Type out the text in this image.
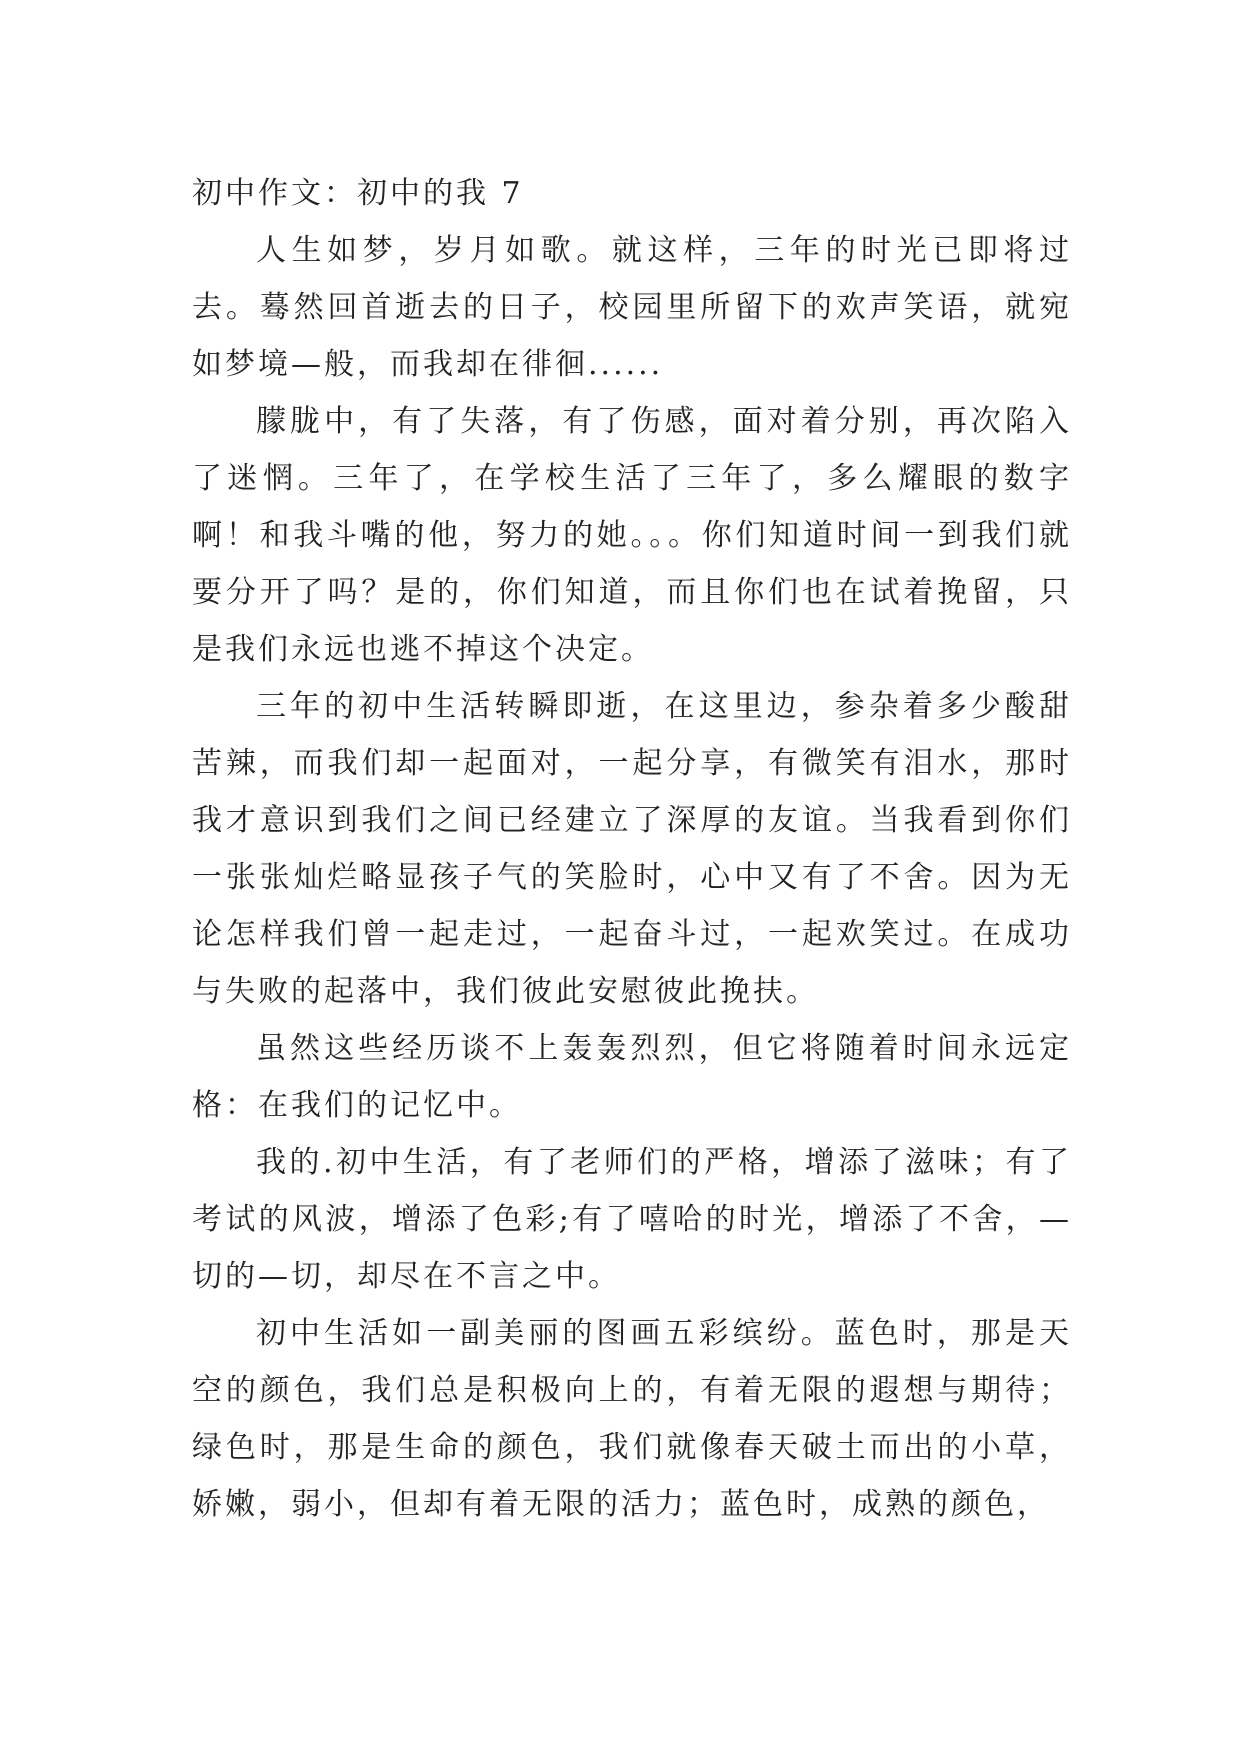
初中作文：初中的我 7

人生如梦，岁月如歌。就这样，三年的时光已即将过去。蓦然回首逝去的日子，校园里所留下的欢声笑语，就宛如梦境—般，而我却在徘徊......

朦胧中，有了失落，有了伤感，面对着分别，再次陷入了迷惘。三年了，在学校生活了三年了，多么耀眼的数字啊！和我斗嘴的他，努力的她。。。你们知道时间一到我们就要分开了吗？是的，你们知道，而且你们也在试着挽留，只是我们永远也逃不掉这个决定。

三年的初中生活转瞬即逝，在这里边，参杂着多少酸甜苦辣，而我们却一起面对，一起分享，有微笑有泪水，那时我才意识到我们之间已经建立了深厚的友谊。当我看到你们一张张灿烂略显孩子气的笑脸时，心中又有了不舍。因为无论怎样我们曾一起走过，一起奋斗过，一起欢笑过。在成功与失败的起落中，我们彼此安慰彼此挽扶。

虽然这些经历谈不上轰轰烈烈，但它将随着时间永远定格：在我们的记忆中。

我的.初中生活，有了老师们的严格，增添了滋味；有了考试的风波，增添了色彩;有了嘻哈的时光，增添了不舍，—切的—切，却尽在不言之中。

初中生活如一副美丽的图画五彩缤纷。蓝色时，那是天空的颜色，我们总是积极向上的，有着无限的遐想与期待；绿色时，那是生命的颜色，我们就像春天破土而出的小草，娇嫩，弱小，但却有着无限的活力；蓝色时，成熟的颜色，
